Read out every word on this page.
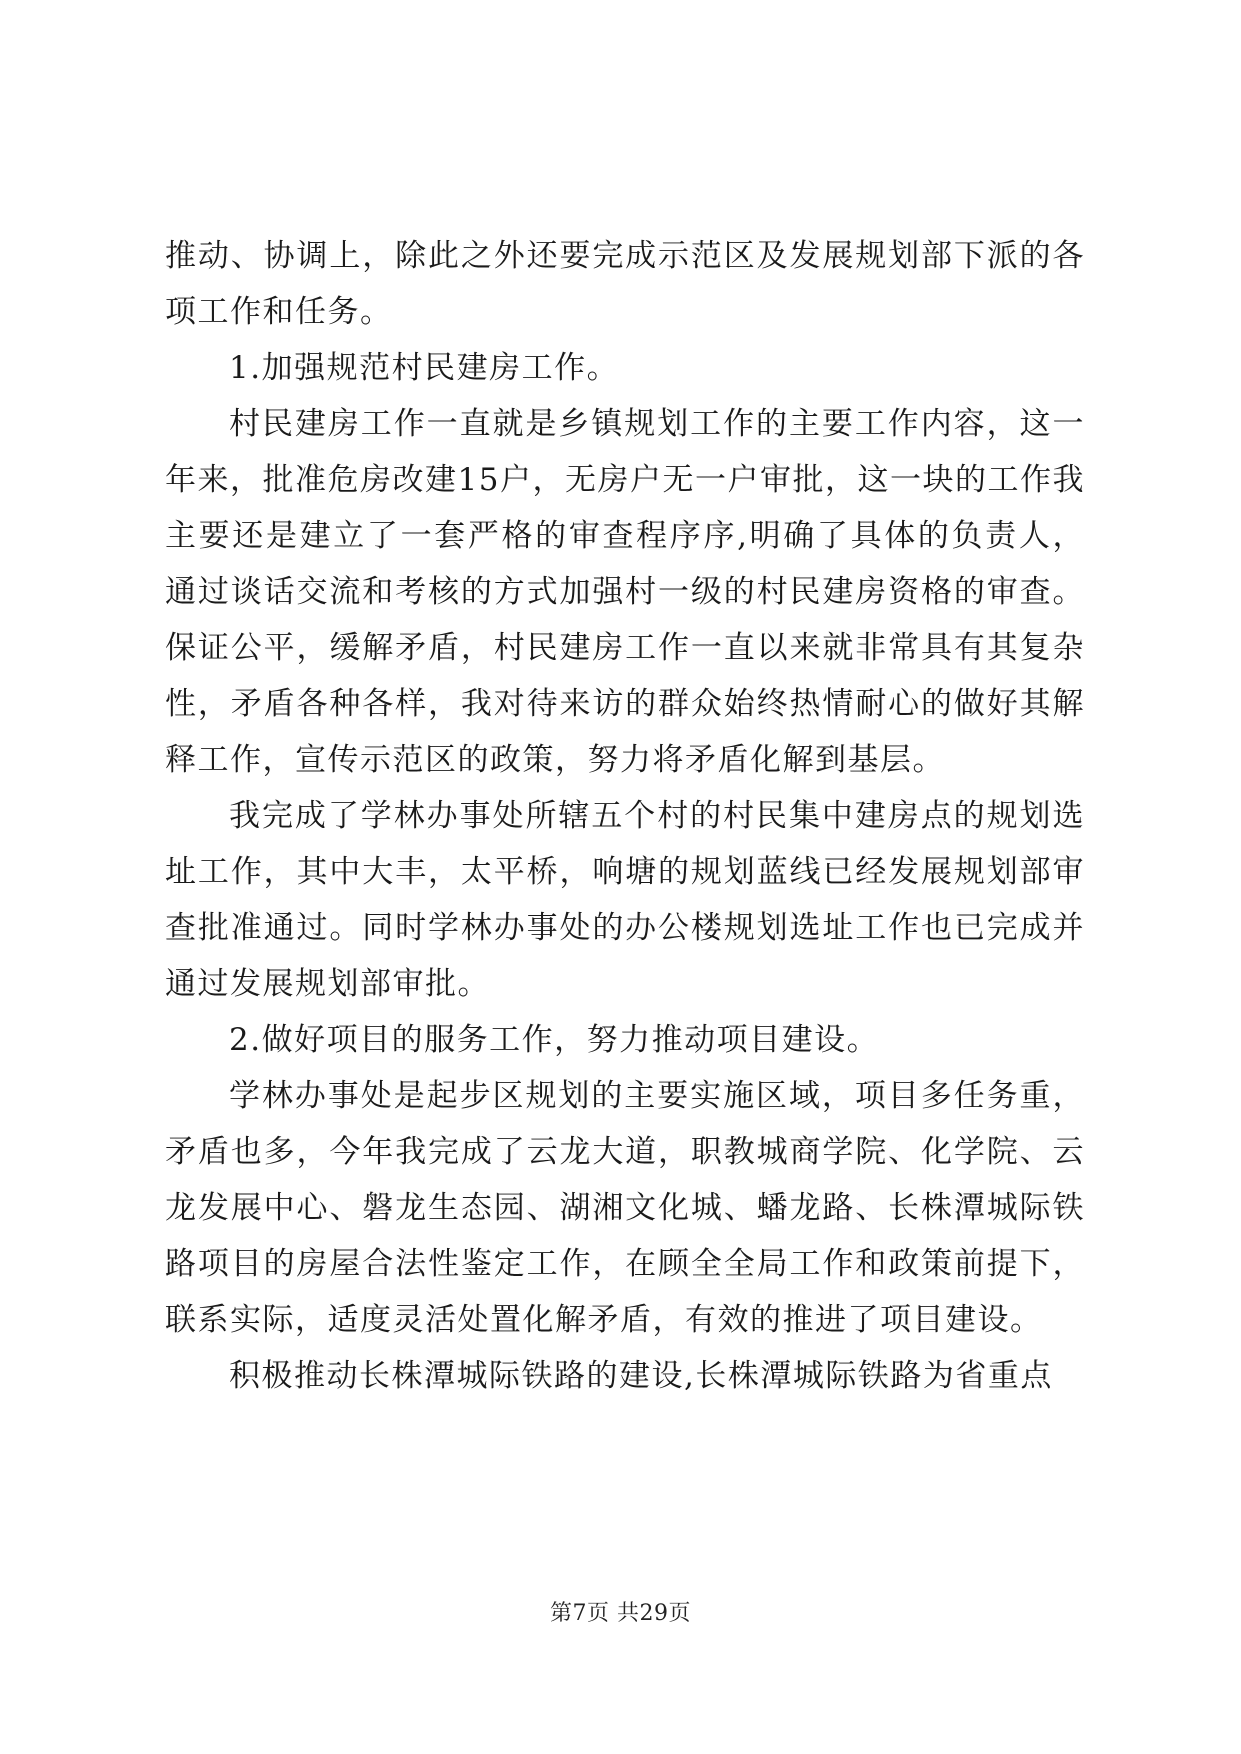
推动、协调上，除此之外还要完成示范区及发展规划部下派的各项工作和任务。

1.加强规范村民建房工作。

村民建房工作一直就是乡镇规划工作的主要工作内容，这一年来，批准危房改建15户，无房户无一户审批，这一块的工作我主要还是建立了一套严格的审查程序序,明确了具体的负责人，通过谈话交流和考核的方式加强村一级的村民建房资格的审查。保证公平，缓解矛盾，村民建房工作一直以来就非常具有其复杂性，矛盾各种各样，我对待来访的群众始终热情耐心的做好其解释工作，宣传示范区的政策，努力将矛盾化解到基层。

我完成了学林办事处所辖五个村的村民集中建房点的规划选址工作，其中大丰，太平桥，响塘的规划蓝线已经发展规划部审查批准通过。同时学林办事处的办公楼规划选址工作也已完成并通过发展规划部审批。

2.做好项目的服务工作，努力推动项目建设。

学林办事处是起步区规划的主要实施区域，项目多任务重，矛盾也多，今年我完成了云龙大道，职教城商学院、化学院、云龙发展中心、磐龙生态园、湖湘文化城、蟠龙路、长株潭城际铁路项目的房屋合法性鉴定工作，在顾全全局工作和政策前提下，联系实际，适度灵活处置化解矛盾，有效的推进了项目建设。

积极推动长株潭城际铁路的建设,长株潭城际铁路为省重点

第7页 共29页
